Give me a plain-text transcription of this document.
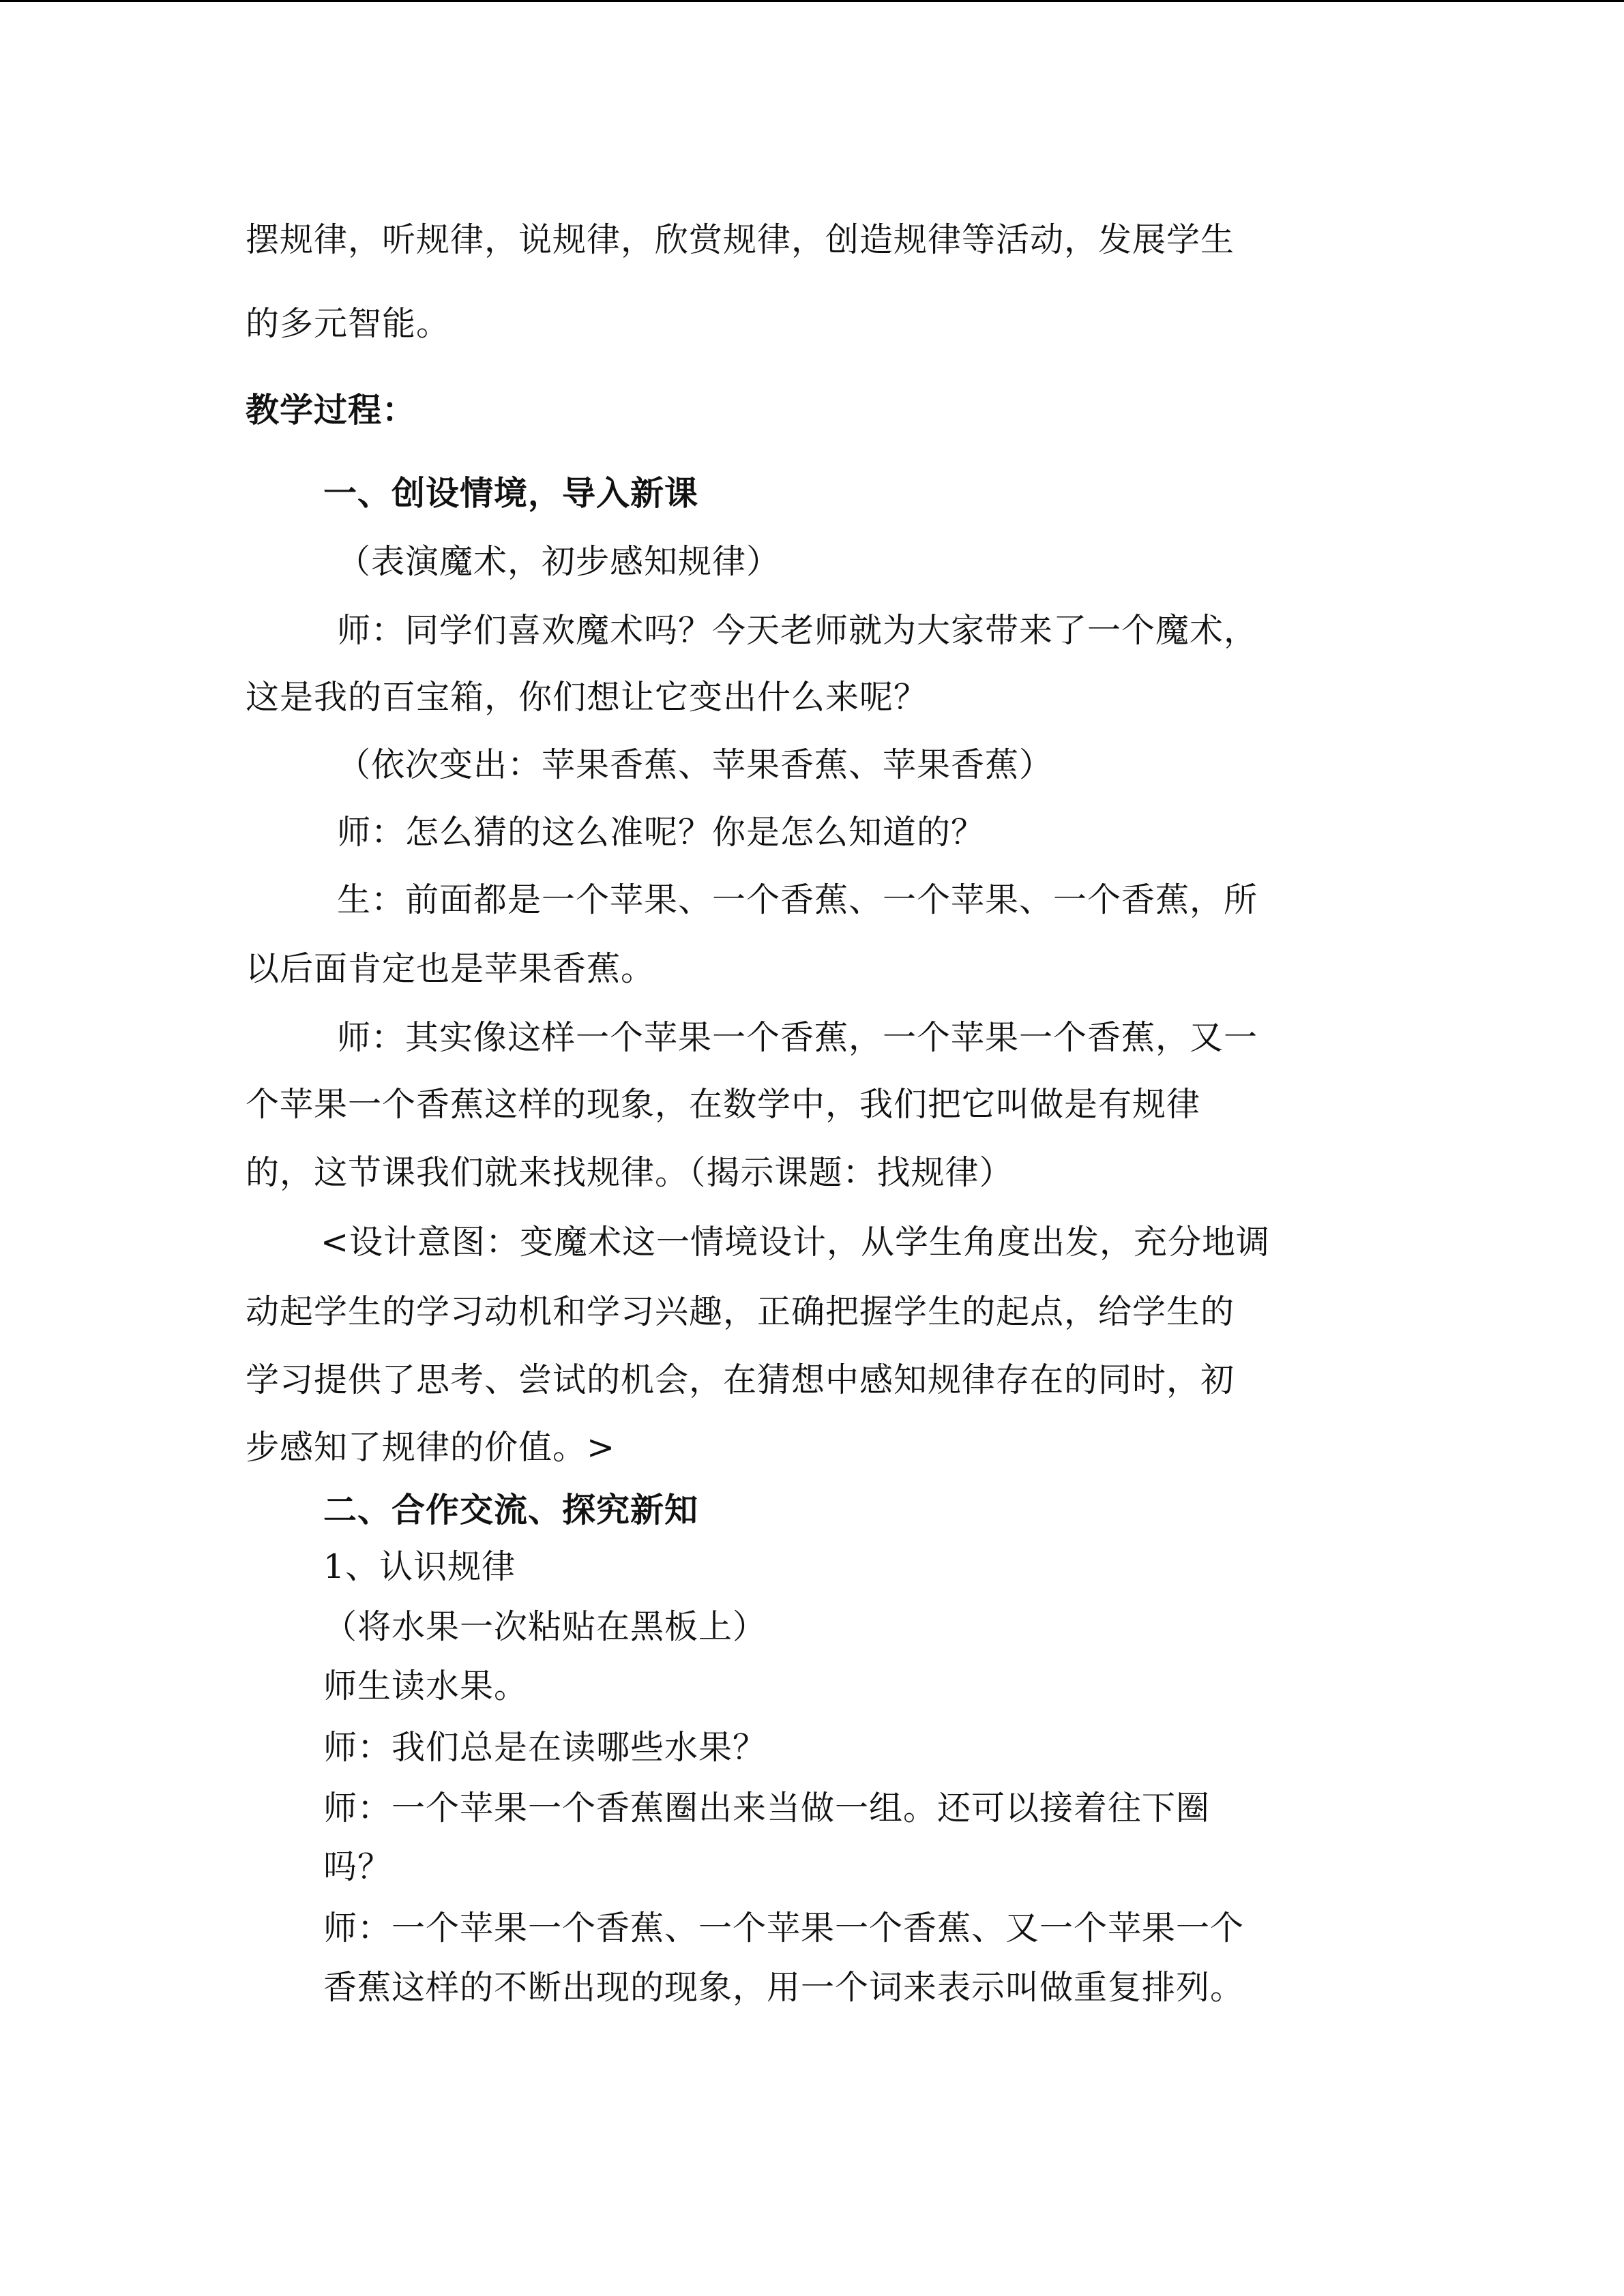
摆规律，听规律，说规律，欣赏规律，创造规律等活动，发展学生
的多元智能。
教学过程：
一、创设情境，导入新课
（表演魔术，初步感知规律）
师：同学们喜欢魔术吗？今天老师就为大家带来了一个魔术，
这是我的百宝箱，你们想让它变出什么来呢？
（依次变出：苹果香蕉、苹果香蕉、苹果香蕉）
师：怎么猜的这么准呢？你是怎么知道的？
生：前面都是一个苹果、一个香蕉、一个苹果、一个香蕉，所
以后面肯定也是苹果香蕉。
师：其实像这样一个苹果一个香蕉，一个苹果一个香蕉，又一
个苹果一个香蕉这样的现象，在数学中，我们把它叫做是有规律
的，这节课我们就来找规律。（揭示课题：找规律）
<设计意图：变魔术这一情境设计，从学生角度出发，充分地调
动起学生的学习动机和学习兴趣，正确把握学生的起点，给学生的
学习提供了思考、尝试的机会，在猜想中感知规律存在的同时，初
步感知了规律的价值。>
二、合作交流、探究新知
1、认识规律
（将水果一次粘贴在黑板上）
师生读水果。
师：我们总是在读哪些水果？
师：一个苹果一个香蕉圈出来当做一组。还可以接着往下圈
吗？
师：一个苹果一个香蕉、一个苹果一个香蕉、又一个苹果一个
香蕉这样的不断出现的现象，用一个词来表示叫做重复排列。
